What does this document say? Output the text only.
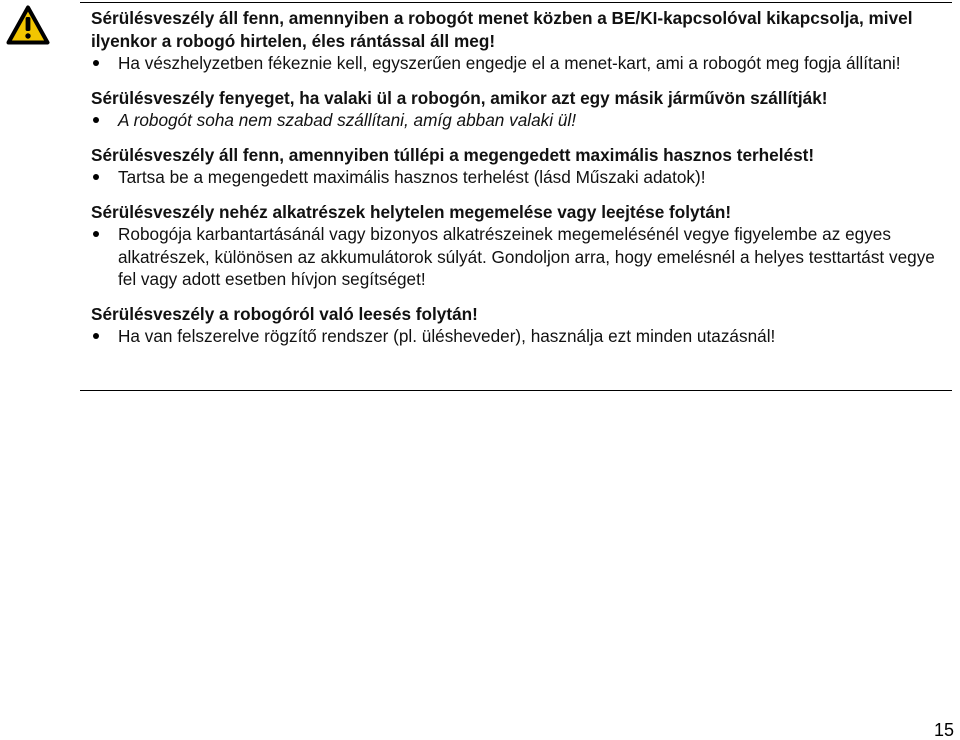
Sérülésveszély áll fenn, amennyiben a robogót menet közben a BE/KI-kapcsolóval kikapcsolja, mivel ilyenkor a robogó hirtelen, éles rántással áll meg!

Ha vészhelyzetben fékeznie kell, egyszerűen engedje el a menet-kart, ami a robogót meg fogja állítani!

Sérülésveszély fenyeget, ha valaki ül a robogón, amikor azt egy másik járművön szállítják!

A robogót soha nem szabad szállítani, amíg abban valaki ül!

Sérülésveszély áll fenn, amennyiben túllépi a megengedett maximális hasznos terhelést!

Tartsa be a megengedett maximális hasznos terhelést (lásd Műszaki adatok)!

Sérülésveszély nehéz alkatrészek helytelen megemelése vagy leejtése folytán!

Robogója karbantartásánál vagy bizonyos alkatrészeinek megemelésénél vegye figyelembe az egyes alkatrészek, különösen az akkumulátorok súlyát. Gondoljon arra, hogy emelésnél a helyes testtartást vegye fel vagy adott esetben hívjon segítséget!

Sérülésveszély a robogóról való leesés folytán!

Ha van felszerelve rögzítő rendszer (pl. ülésheveder), használja ezt minden utazásnál!

15
